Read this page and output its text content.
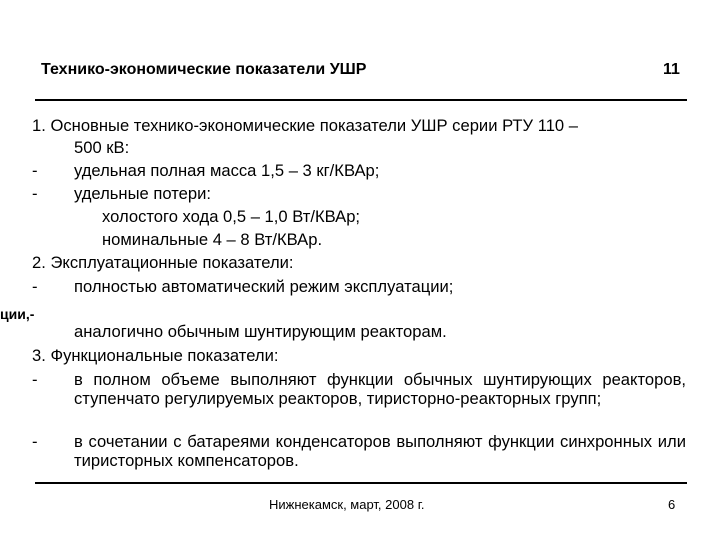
Технико-экономические показатели УШР	11
1. Основные технико-экономические показатели УШР серии РТУ 110 –
500 кВ:
- удельная полная масса 1,5 – 3 кг/КВАр;
- удельные потери:
холостого хода 0,5 – 1,0 Вт/КВАр;
номинальные 4 – 8 Вт/КВАр.
2. Эксплуатационные показатели:
- полностью автоматический режим эксплуатации;
ции,-
аналогично обычным шунтирующим реакторам.
3. Функциональные показатели:
- в полном объеме выполняют функции обычных шунтирующих реакторов, ступенчато регулируемых реакторов, тиристорно-реакторных групп;
- в сочетании с батареями конденсаторов выполняют функции синхронных или тиристорных компенсаторов.
Нижнекамск, март, 2008 г.	6
